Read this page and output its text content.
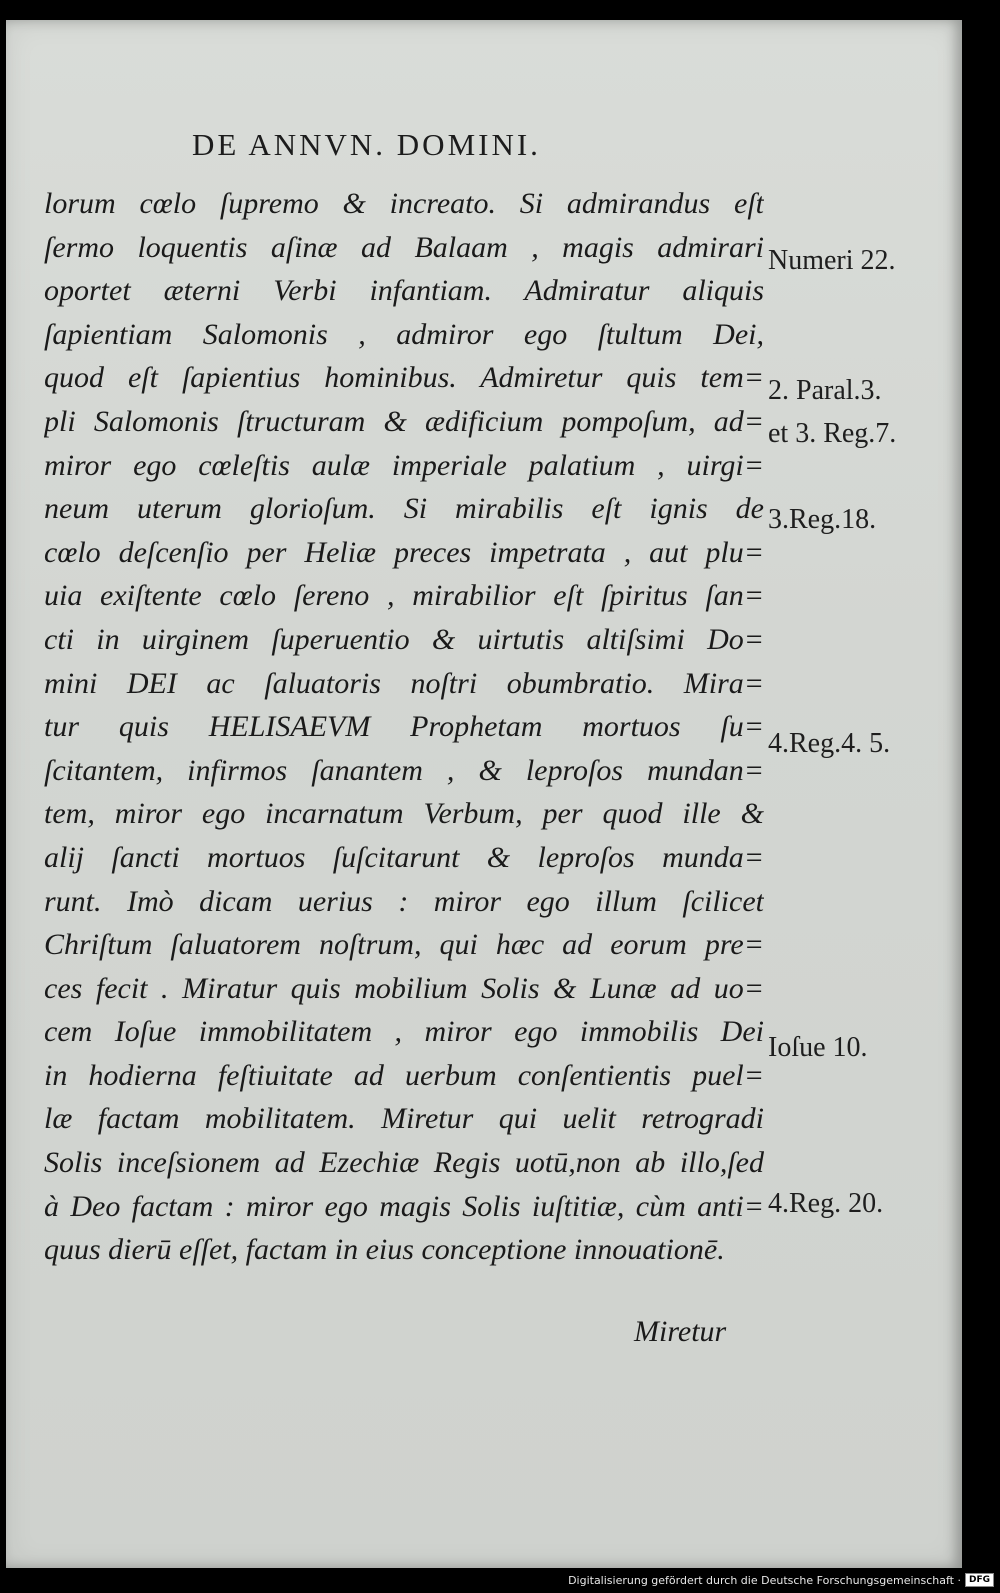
DE ANNVN. DOMINI.
lorum cœlo ſupremo & increato. Si admirandus eſt
ſermo loquentis aſinæ ad Balaam , magis admirari
oportet æterni Verbi infantiam. Admiratur aliquis
ſapientiam Salomonis , admiror ego ſtultum Dei,
quod eſt ſapientius hominibus. Admiretur quis tem=
pli Salomonis ſtructuram & ædificium pompoſum, ad=
miror ego cœleſtis aulæ imperiale palatium , uirgi=
neum uterum glorioſum. Si mirabilis eſt ignis de
cœlo deſcenſio per Heliæ preces impetrata , aut plu=
uia exiſtente cœlo ſereno , mirabilior eſt ſpiritus ſan=
cti in uirginem ſuperuentio & uirtutis altiſsimi Do=
mini DEI ac ſaluatoris noſtri obumbratio. Mira=
tur quis HELISAEVM Prophetam mortuos ſu=
ſcitantem, infirmos ſanantem , & leproſos mundan=
tem, miror ego incarnatum Verbum, per quod ille &
alij ſancti mortuos ſuſcitarunt & leproſos munda=
runt. Imò dicam uerius : miror ego illum ſcilicet
Chriſtum ſaluatorem noſtrum, qui hæc ad eorum pre=
ces fecit . Miratur quis mobilium Solis & Lunæ ad uo=
cem Ioſue immobilitatem , miror ego immobilis Dei
in hodierna feſtiuitate ad uerbum conſentientis puel=
læ factam mobilitatem. Miretur qui uelit retrogradi
Solis inceſsionem ad Ezechiæ Regis uotū,non ab illo,ſed
à Deo factam : miror ego magis Solis iuſtitiæ, cùm anti=
quus dierū eſſet, factam in eius conceptione innouationē.
Numeri 22.
2. Paral.3.
et 3. Reg.7.
3.Reg.18.
4.Reg.4. 5.
Ioſue 10.
4.Reg. 20.
Miretur
Digitalisierung gefördert durch die Deutsche Forschungsgemeinschaft · DFG
